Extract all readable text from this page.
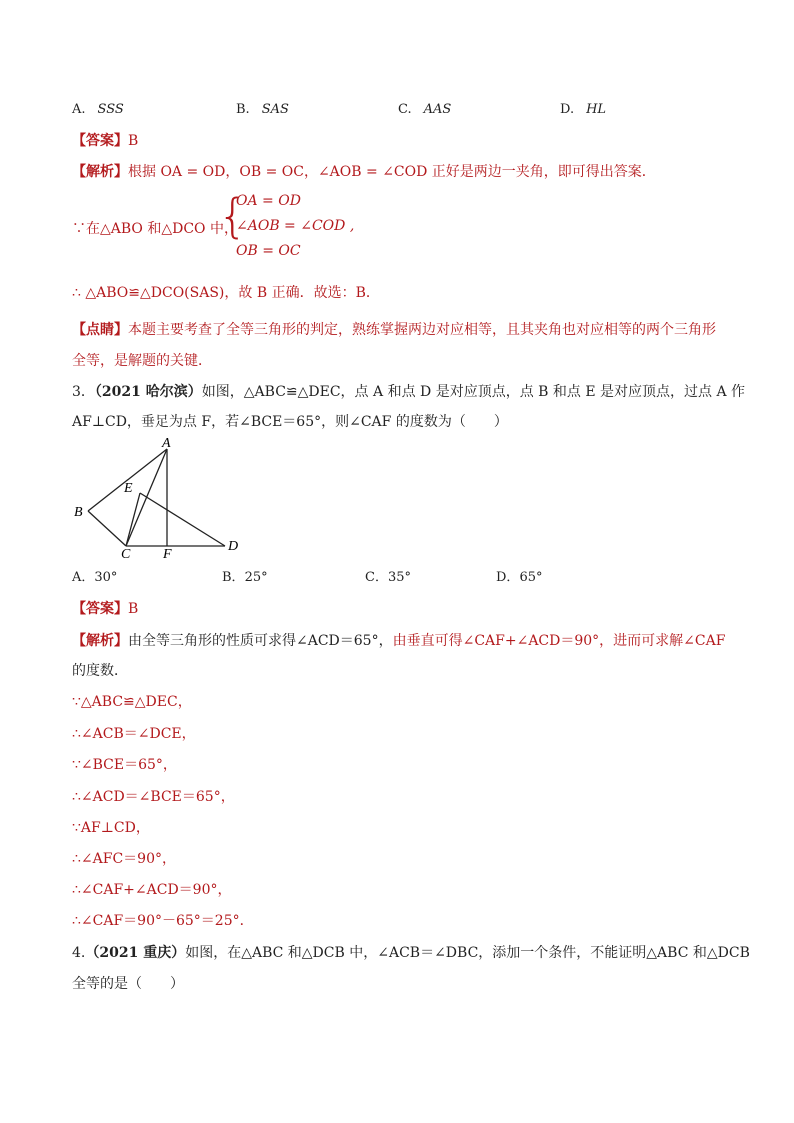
A. SSS	B. SAS	C. AAS	D. HL
【答案】B
【解析】根据 OA = OD，OB = OC，∠AOB = ∠COD 正好是两边一夹角，即可得出答案．
∵在△ABO 和△DCO 中，
{
OA = OD
∠AOB = ∠COD ,
OB = OC
∴ △ABO≌△DCO(SAS)，故 B 正确．故选：B．
【点睛】本题主要考查了全等三角形的判定，熟练掌握两边对应相等，且其夹角也对应相等的两个三角形
全等，是解题的关键．
3．（2021 哈尔滨）如图，△ABC≌△DEC，点 A 和点 D 是对应顶点，点 B 和点 E 是对应顶点，过点 A 作
AF⊥CD，垂足为点 F，若∠BCE＝65°，则∠CAF 的度数为（　　）
A
B
C
D
E
F
A．30°	B．25°	C．35°	D．65°
【答案】B
【解析】由全等三角形的性质可求得∠ACD＝65°，由垂直可得∠CAF+∠ACD＝90°，进而可求解∠CAF
的度数．
∵△ABC≌△DEC，
∴∠ACB＝∠DCE，
∵∠BCE＝65°，
∴∠ACD＝∠BCE＝65°，
∵AF⊥CD，
∴∠AFC＝90°，
∴∠CAF+∠ACD＝90°，
∴∠CAF＝90°－65°＝25°．
4.（2021 重庆）如图，在△ABC 和△DCB 中，∠ACB＝∠DBC，添加一个条件，不能证明△ABC 和△DCB
全等的是（　　）
